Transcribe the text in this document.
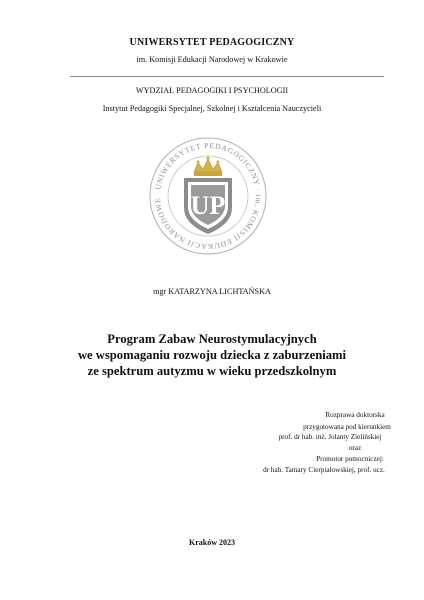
UNIWERSYTET PEDAGOGICZNY
im. Komisji Edukacji Narodowej w Krakowie
WYDZIAŁ PEDAGOGIKI I PSYCHOLOGII
Instytut Pedagogiki Specjalnej, Szkolnej i Kształcenia Nauczycieli
UNIWERSYTET PEDAGOGICZNY · im. KOMISJI EDUKACJI NARODOWE	UP
mgr KATARZYNA LICHTAŃSKA
Program Zabaw Neurostymulacyjnych
we wspomaganiu rozwoju dziecka z zaburzeniami
ze spektrum autyzmu w wieku przedszkolnym
Rozprawa doktorska
przygotowana pod kierunkiem
prof. dr hab. inż. Jolanty Zielińskiej
oraz
Promotor pomocniczej:
dr hab. Tamary Cierpiałowskiej, prof. ucz.
Kraków 2023
